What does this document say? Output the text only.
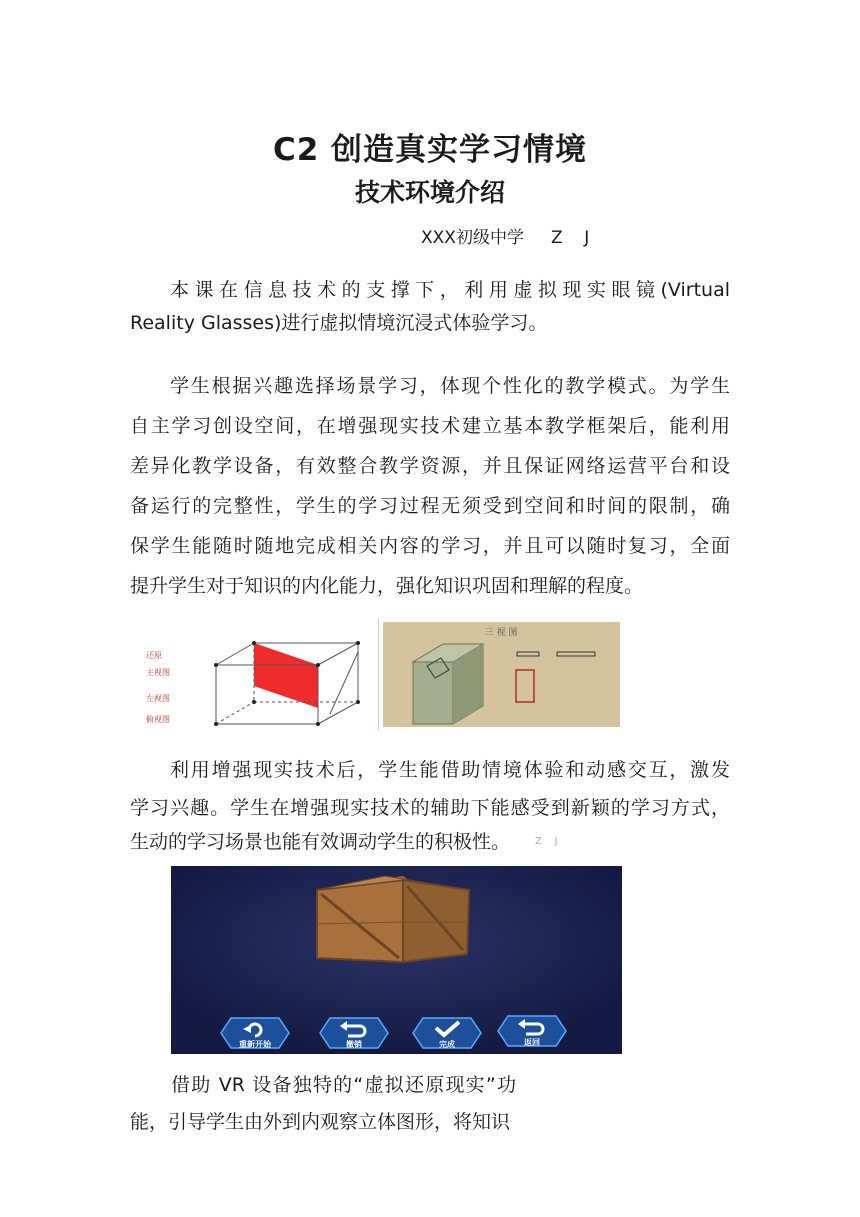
C2 创造真实学习情境
技术环境介绍
XXX初级中学     Z    J
本课在信息技术的支撑下，利用虚拟现实眼镜(Virtual
Reality Glasses)进行虚拟情境沉浸式体验学习。
学生根据兴趣选择场景学习，体现个性化的教学模式。为学生
自主学习创设空间，在增强现实技术建立基本教学框架后，能利用
差异化教学设备，有效整合教学资源，并且保证网络运营平台和设
备运行的完整性，学生的学习过程无须受到空间和时间的限制，确
保学生能随时随地完成相关内容的学习，并且可以随时复习，全面
提升学生对于知识的内化能力，强化知识巩固和理解的程度。
还原
主视图
左视图
俯视图
三 视 图
利用增强现实技术后，学生能借助情境体验和动感交互，激发
学习兴趣。学生在增强现实技术的辅助下能感受到新颖的学习方式，
生动的学习场景也能有效调动学生的积极性。	Z    J
重新开始	撤销	完成	返回
借助 VR 设备独特的“虚拟还原现实”功
能，引导学生由外到内观察立体图形，将知识
